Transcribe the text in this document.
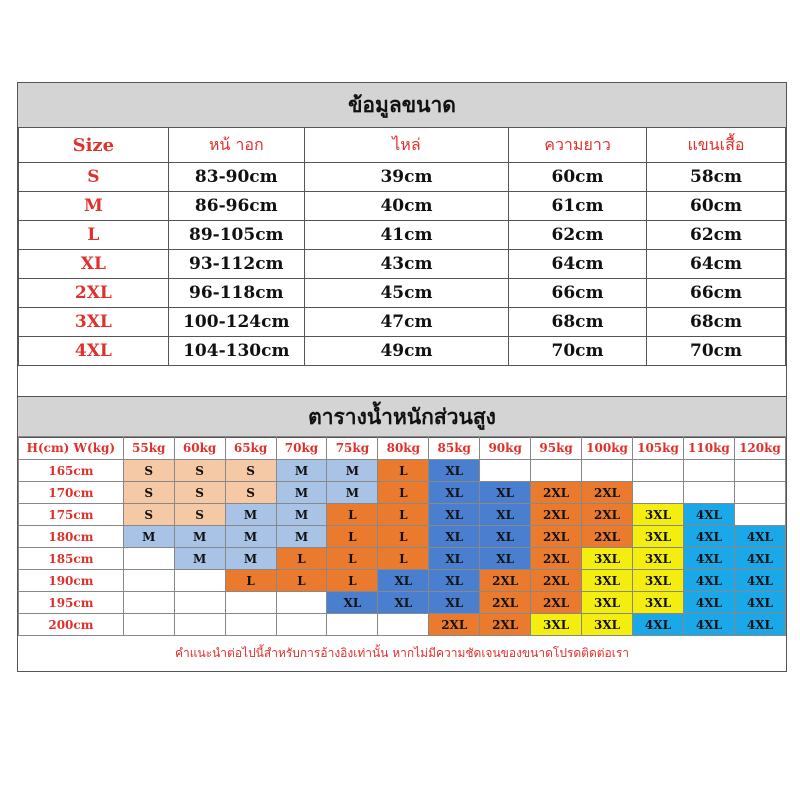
ข้อมูลขนาด
Size	หน้ าอก	ไหล่	ความยาว	แขนเสื้อ
S	83-90cm	39cm	60cm	58cm
M	86-96cm	40cm	61cm	60cm
L	89-105cm	41cm	62cm	62cm
XL	93-112cm	43cm	64cm	64cm
2XL	96-118cm	45cm	66cm	66cm
3XL	100-124cm	47cm	68cm	68cm
4XL	104-130cm	49cm	70cm	70cm
ตารางน้ำหนักส่วนสูง
H(cm) W(kg)	55kg	60kg	65kg	70kg	75kg	80kg	85kg	90kg	95kg	100kg	105kg	110kg	120kg
165cm	S	S	S	M	M	L	XL						
170cm	S	S	S	M	M	L	XL	XL	2XL	2XL			
175cm	S	S	M	M	L	L	XL	XL	2XL	2XL	3XL	4XL	
180cm	M	M	M	M	L	L	XL	XL	2XL	2XL	3XL	4XL	4XL
185cm		M	M	L	L	L	XL	XL	2XL	3XL	3XL	4XL	4XL
190cm			L	L	L	XL	XL	2XL	2XL	3XL	3XL	4XL	4XL
195cm					XL	XL	XL	2XL	2XL	3XL	3XL	4XL	4XL
200cm							2XL	2XL	3XL	3XL	4XL	4XL	4XL
คำแนะนำต่อไปนี้สำหรับการอ้างอิงเท่านั้น หากไม่มีความชัดเจนของขนาดโปรดติดต่อเรา
